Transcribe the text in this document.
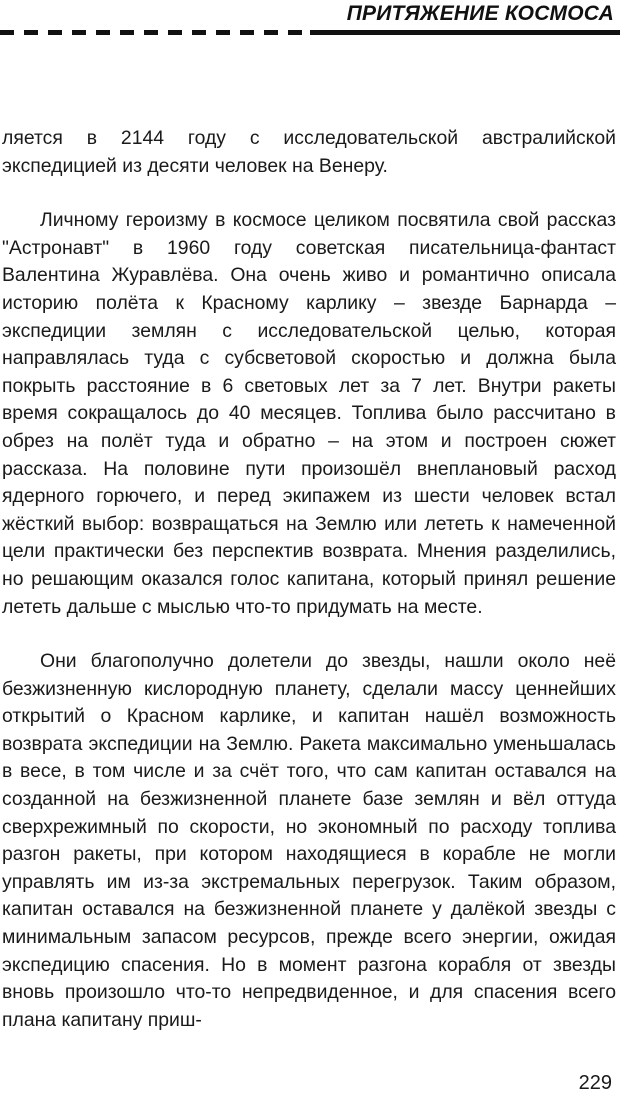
ПРИТЯЖЕНИЕ КОСМОСА

ляется в 2144 году с исследовательской австралийской экспедицией из десяти человек на Венеру.

Личному героизму в космосе целиком посвятила свой рассказ "Астронавт" в 1960 году советская писательница-фантаст Валентина Журавлёва. Она очень живо и романтично описала историю полёта к Красному карлику – звезде Барнарда – экспедиции землян с исследовательской целью, которая направлялась туда с субсветовой скоростью и должна была покрыть расстояние в 6 световых лет за 7 лет. Внутри ракеты время сокращалось до 40 месяцев. Топлива было рассчитано в обрез на полёт туда и обратно – на этом и построен сюжет рассказа. На половине пути произошёл внеплановый расход ядерного горючего, и перед экипажем из шести человек встал жёсткий выбор: возвращаться на Землю или лететь к намеченной цели практически без перспектив возврата. Мнения разделились, но решающим оказался голос капитана, который принял решение лететь дальше с мыслью что-то придумать на месте.

Они благополучно долетели до звезды, нашли около неё безжизненную кислородную планету, сделали массу ценнейших открытий о Красном карлике, и капитан нашёл возможность возврата экспедиции на Землю. Ракета максимально уменьшалась в весе, в том числе и за счёт того, что сам капитан оставался на созданной на безжизненной планете базе землян и вёл оттуда сверхрежимный по скорости, но экономный по расходу топлива разгон ракеты, при котором находящиеся в корабле не могли управлять им из-за экстремальных перегрузок. Таким образом, капитан оставался на безжизненной планете у далёкой звезды с минимальным запасом ресурсов, прежде всего энергии, ожидая экспедицию спасения. Но в момент разгона корабля от звезды вновь произошло что-то непредвиденное, и для спасения всего плана капитану приш-

229
